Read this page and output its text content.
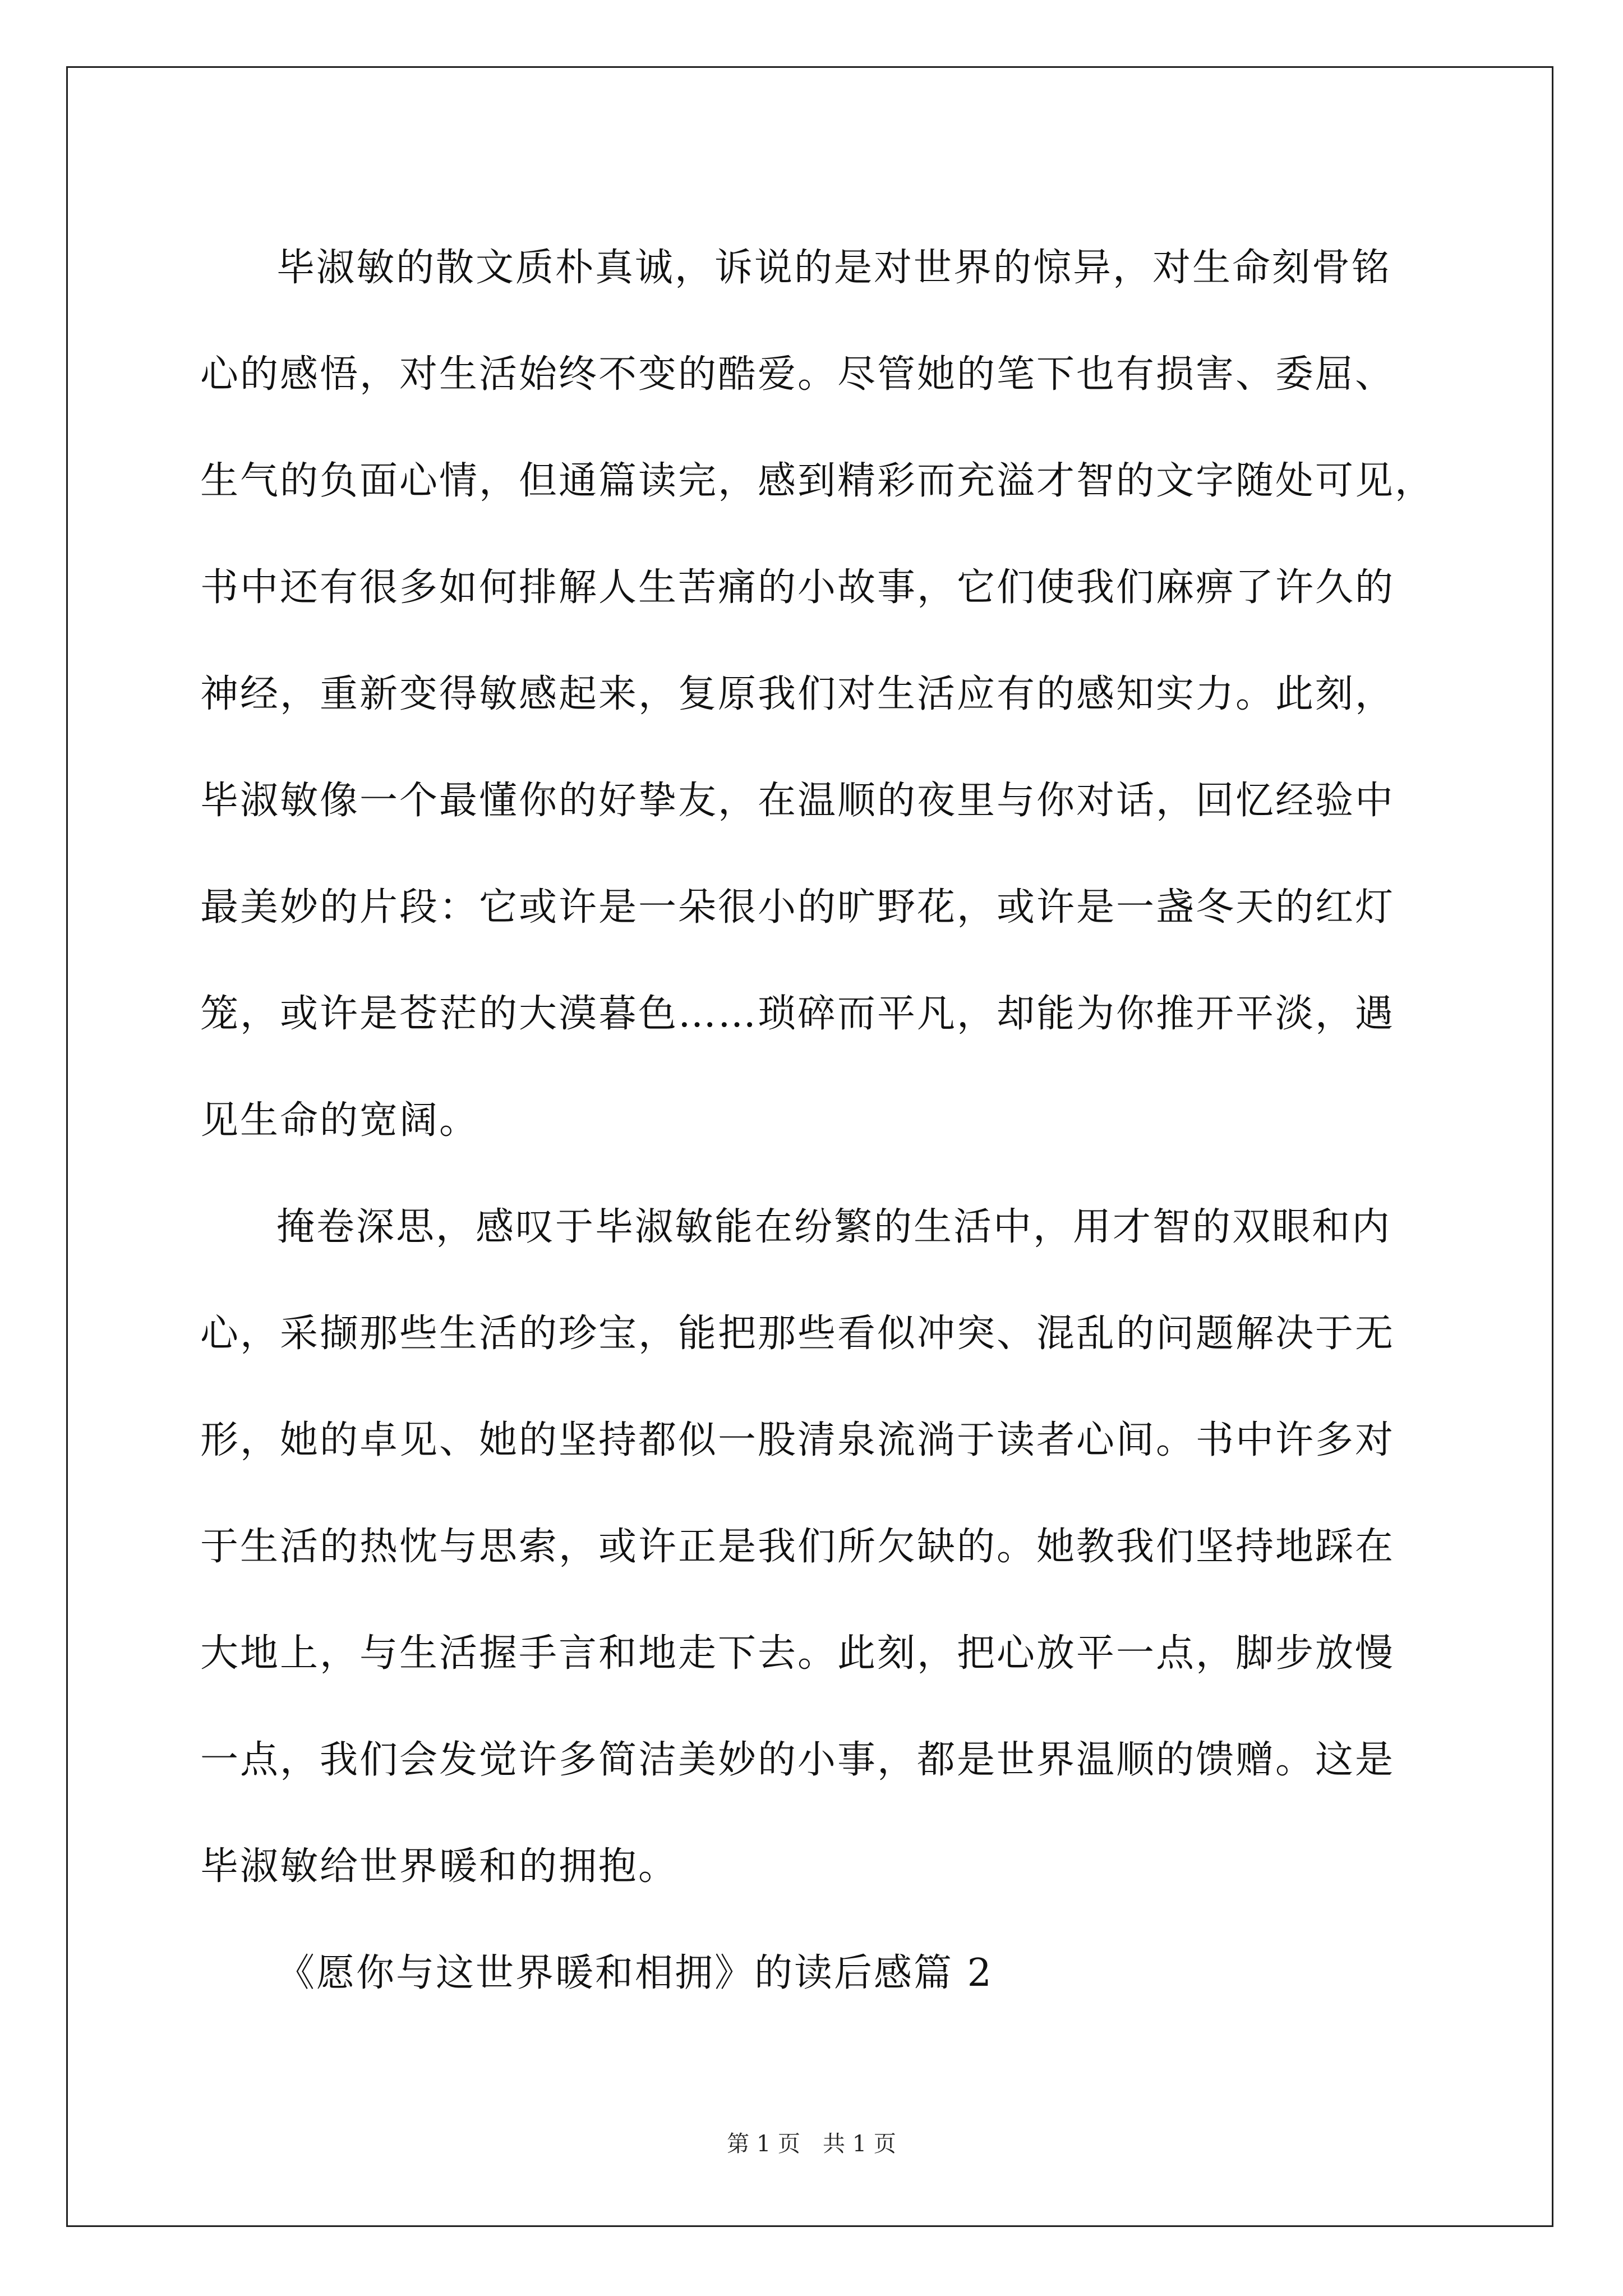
毕淑敏的散文质朴真诚，诉说的是对世界的惊异，对生命刻骨铭
心的感悟，对生活始终不变的酷爱。尽管她的笔下也有损害、委屈、
生气的负面心情，但通篇读完，感到精彩而充溢才智的文字随处可见，
书中还有很多如何排解人生苦痛的小故事，它们使我们麻痹了许久的
神经，重新变得敏感起来，复原我们对生活应有的感知实力。此刻，
毕淑敏像一个最懂你的好挚友，在温顺的夜里与你对话，回忆经验中
最美妙的片段：它或许是一朵很小的旷野花，或许是一盏冬天的红灯
笼，或许是苍茫的大漠暮色……琐碎而平凡，却能为你推开平淡，遇
见生命的宽阔。

掩卷深思，感叹于毕淑敏能在纷繁的生活中，用才智的双眼和内
心，采撷那些生活的珍宝，能把那些看似冲突、混乱的问题解决于无
形，她的卓见、她的坚持都似一股清泉流淌于读者心间。书中许多对
于生活的热忱与思索，或许正是我们所欠缺的。她教我们坚持地踩在
大地上，与生活握手言和地走下去。此刻，把心放平一点，脚步放慢
一点，我们会发觉许多简洁美妙的小事，都是世界温顺的馈赠。这是
毕淑敏给世界暖和的拥抱。

《愿你与这世界暖和相拥》的读后感篇 2

第 1 页　共 1 页
